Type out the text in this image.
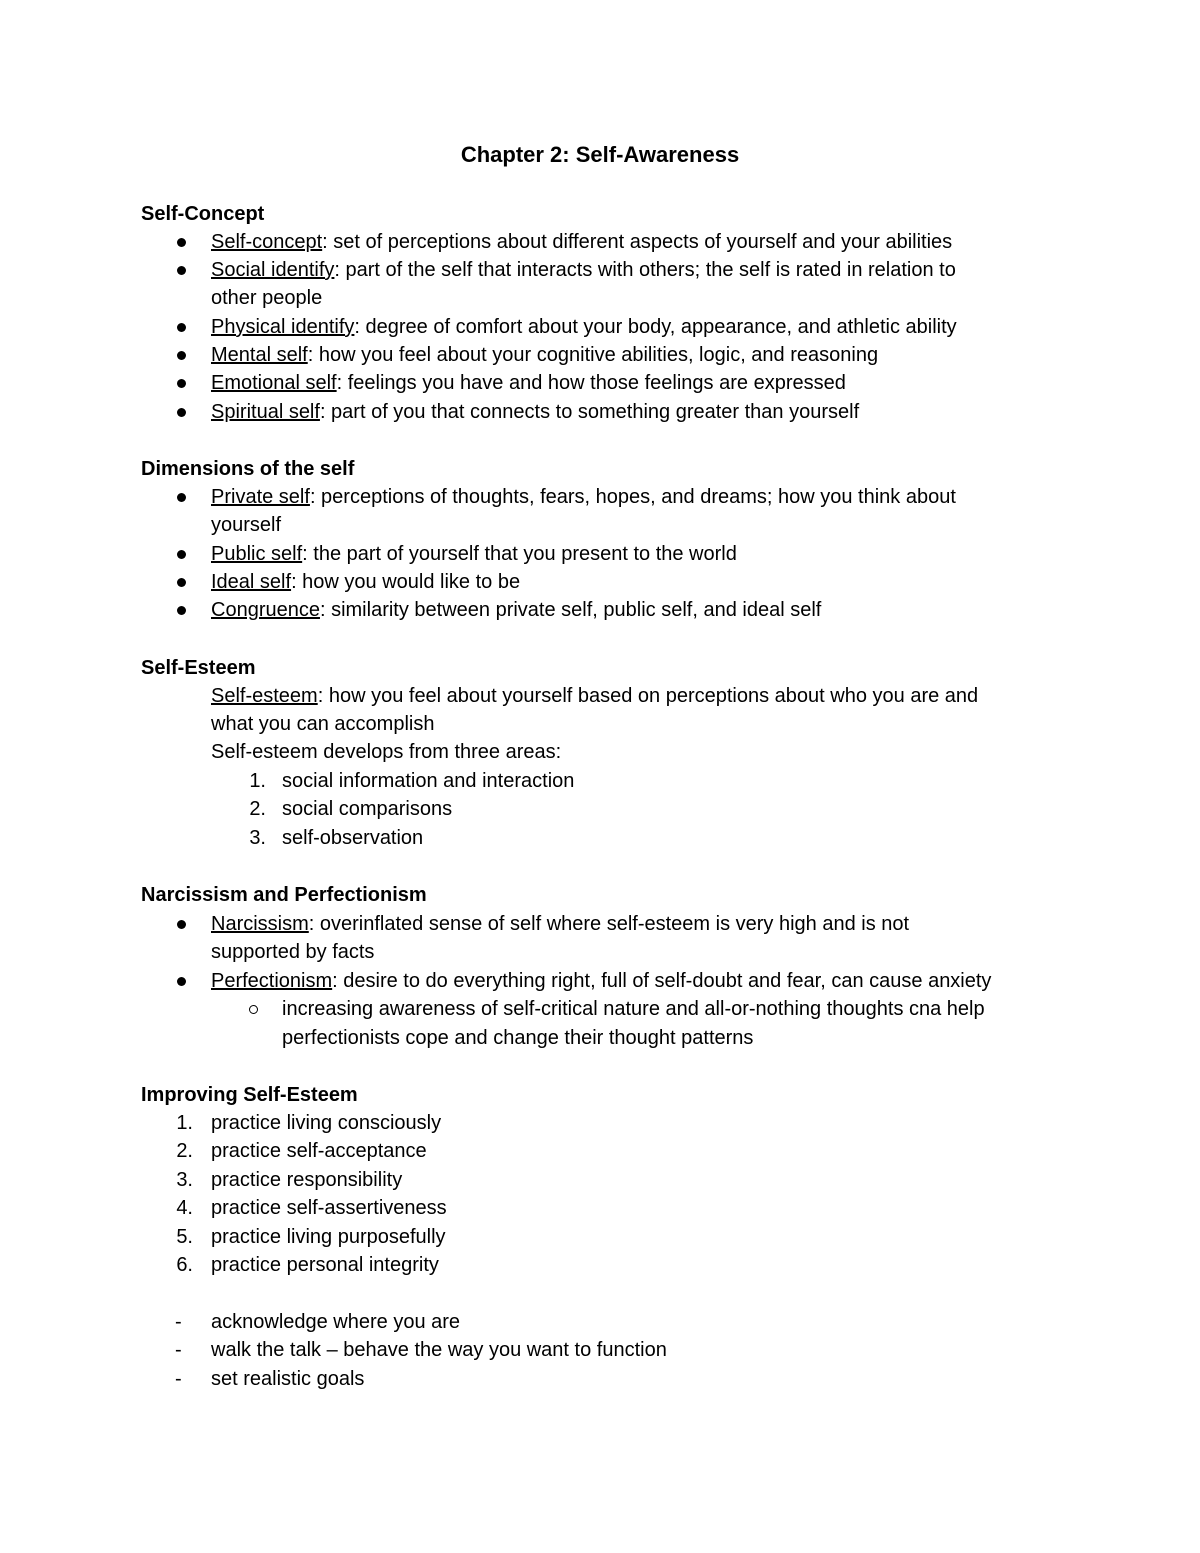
Chapter 2: Self-Awareness
Self-Concept
Self-concept: set of perceptions about different aspects of yourself and your abilities
Social identify: part of the self that interacts with others; the self is rated in relation to
other people
Physical identify: degree of comfort about your body, appearance, and athletic ability
Mental self: how you feel about your cognitive abilities, logic, and reasoning
Emotional self: feelings you have and how those feelings are expressed
Spiritual self: part of you that connects to something greater than yourself
Dimensions of the self
Private self: perceptions of thoughts, fears, hopes, and dreams; how you think about
yourself
Public self: the part of yourself that you present to the world
Ideal self: how you would like to be
Congruence: similarity between private self, public self, and ideal self
Self-Esteem
Self-esteem: how you feel about yourself based on perceptions about who you are and
what you can accomplish
Self-esteem develops from three areas:
1. social information and interaction
2. social comparisons
3. self-observation
Narcissism and Perfectionism
Narcissism: overinflated sense of self where self-esteem is very high and is not
supported by facts
Perfectionism: desire to do everything right, full of self-doubt and fear, can cause anxiety
increasing awareness of self-critical nature and all-or-nothing thoughts cna help
perfectionists cope and change their thought patterns
Improving Self-Esteem
1. practice living consciously
2. practice self-acceptance
3. practice responsibility
4. practice self-assertiveness
5. practice living purposefully
6. practice personal integrity
- acknowledge where you are
- walk the talk – behave the way you want to function
- set realistic goals
